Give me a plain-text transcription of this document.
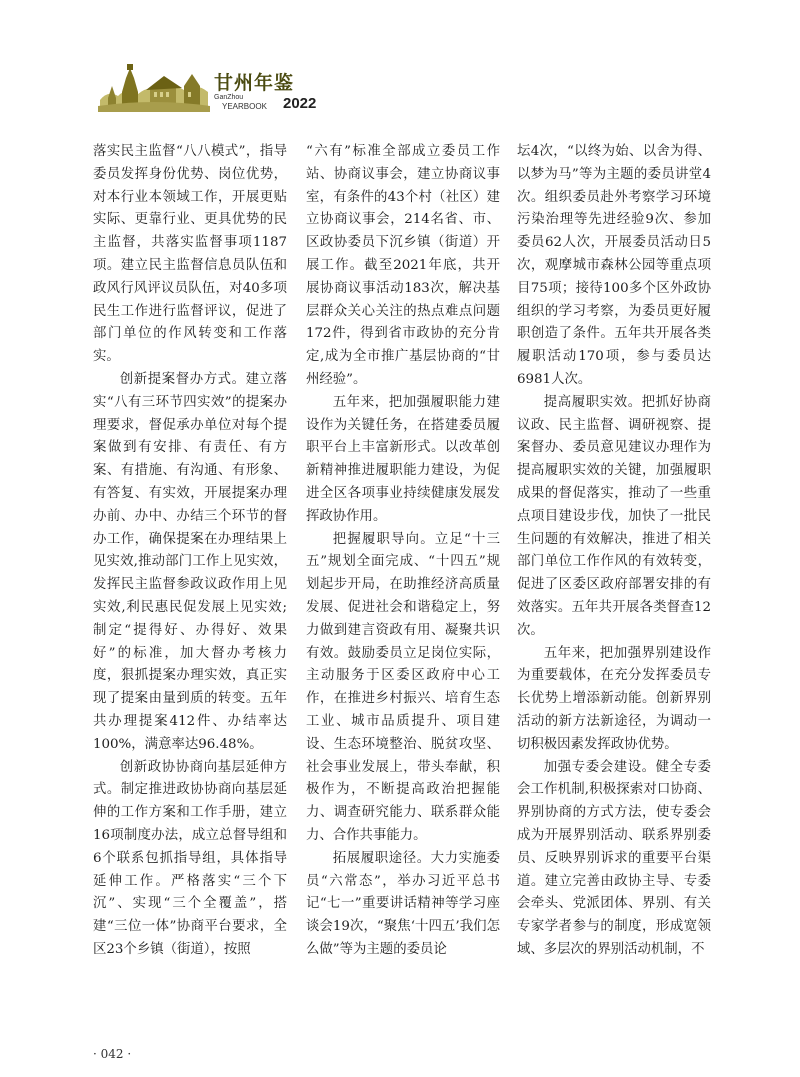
甘州年鉴
GanZhou
YEARBOOK 2022

落实民主监督“八八模式”，指导委员发挥身份优势、岗位优势，对本行业本领域工作，开展更贴实际、更靠行业、更具优势的民主监督，共落实监督事项1187项。建立民主监督信息员队伍和政风行风评议员队伍，对40多项民生工作进行监督评议，促进了部门单位的作风转变和工作落实。

创新提案督办方式。建立落实“八有三环节四实效”的提案办理要求，督促承办单位对每个提案做到有安排、有责任、有方案、有措施、有沟通、有形象、有答复、有实效，开展提案办理办前、办中、办结三个环节的督办工作，确保提案在办理结果上见实效,推动部门工作上见实效，发挥民主监督参政议政作用上见实效,利民惠民促发展上见实效;制定“提得好、办得好、效果好”的标准，加大督办考核力度，狠抓提案办理实效，真正实现了提案由量到质的转变。五年共办理提案412件、办结率达100%，满意率达96.48%。

创新政协协商向基层延伸方式。制定推进政协协商向基层延伸的工作方案和工作手册，建立16项制度办法，成立总督导组和6个联系包抓指导组，具体指导延伸工作。严格落实“三个下沉”、实现“三个全覆盖”，搭建“三位一体”协商平台要求，全区23个乡镇（街道），按照

“六有”标准全部成立委员工作站、协商议事会，建立协商议事室，有条件的43个村（社区）建立协商议事会，214名省、市、区政协委员下沉乡镇（街道）开展工作。截至2021年底，共开展协商议事活动183次，解决基层群众关心关注的热点难点问题172件，得到省市政协的充分肯定,成为全市推广基层协商的“甘州经验”。

五年来，把加强履职能力建设作为关键任务，在搭建委员履职平台上丰富新形式。以改革创新精神推进履职能力建设，为促进全区各项事业持续健康发展发挥政协作用。

把握履职导向。立足“十三五”规划全面完成、“十四五”规划起步开局，在助推经济高质量发展、促进社会和谐稳定上，努力做到建言资政有用、凝聚共识有效。鼓励委员立足岗位实际，主动服务于区委区政府中心工作，在推进乡村振兴、培育生态工业、城市品质提升、项目建设、生态环境整治、脱贫攻坚、社会事业发展上，带头奉献，积极作为，不断提高政治把握能力、调查研究能力、联系群众能力、合作共事能力。

拓展履职途径。大力实施委员“六常态”，举办习近平总书记“七一”重要讲话精神等学习座谈会19次，“聚焦‘十四五’我们怎么做”等为主题的委员论

坛4次，“以终为始、以舍为得、以梦为马”等为主题的委员讲堂4次。组织委员赴外考察学习环境污染治理等先进经验9次、参加委员62人次，开展委员活动日5次，观摩城市森林公园等重点项目75项；接待100多个区外政协组织的学习考察，为委员更好履职创造了条件。五年共开展各类履职活动170项，参与委员达6981人次。

提高履职实效。把抓好协商议政、民主监督、调研视察、提案督办、委员意见建议办理作为提高履职实效的关键，加强履职成果的督促落实，推动了一些重点项目建设步伐，加快了一批民生问题的有效解决，推进了相关部门单位工作作风的有效转变，促进了区委区政府部署安排的有效落实。五年共开展各类督查12次。

五年来，把加强界别建设作为重要载体，在充分发挥委员专长优势上增添新动能。创新界别活动的新方法新途径，为调动一切积极因素发挥政协优势。

加强专委会建设。健全专委会工作机制,积极探索对口协商、界别协商的方式方法，使专委会成为开展界别活动、联系界别委员、反映界别诉求的重要平台渠道。建立完善由政协主导、专委会牵头、党派团体、界别、有关专家学者参与的制度，形成宽领域、多层次的界别活动机制，不

· 042 ·
